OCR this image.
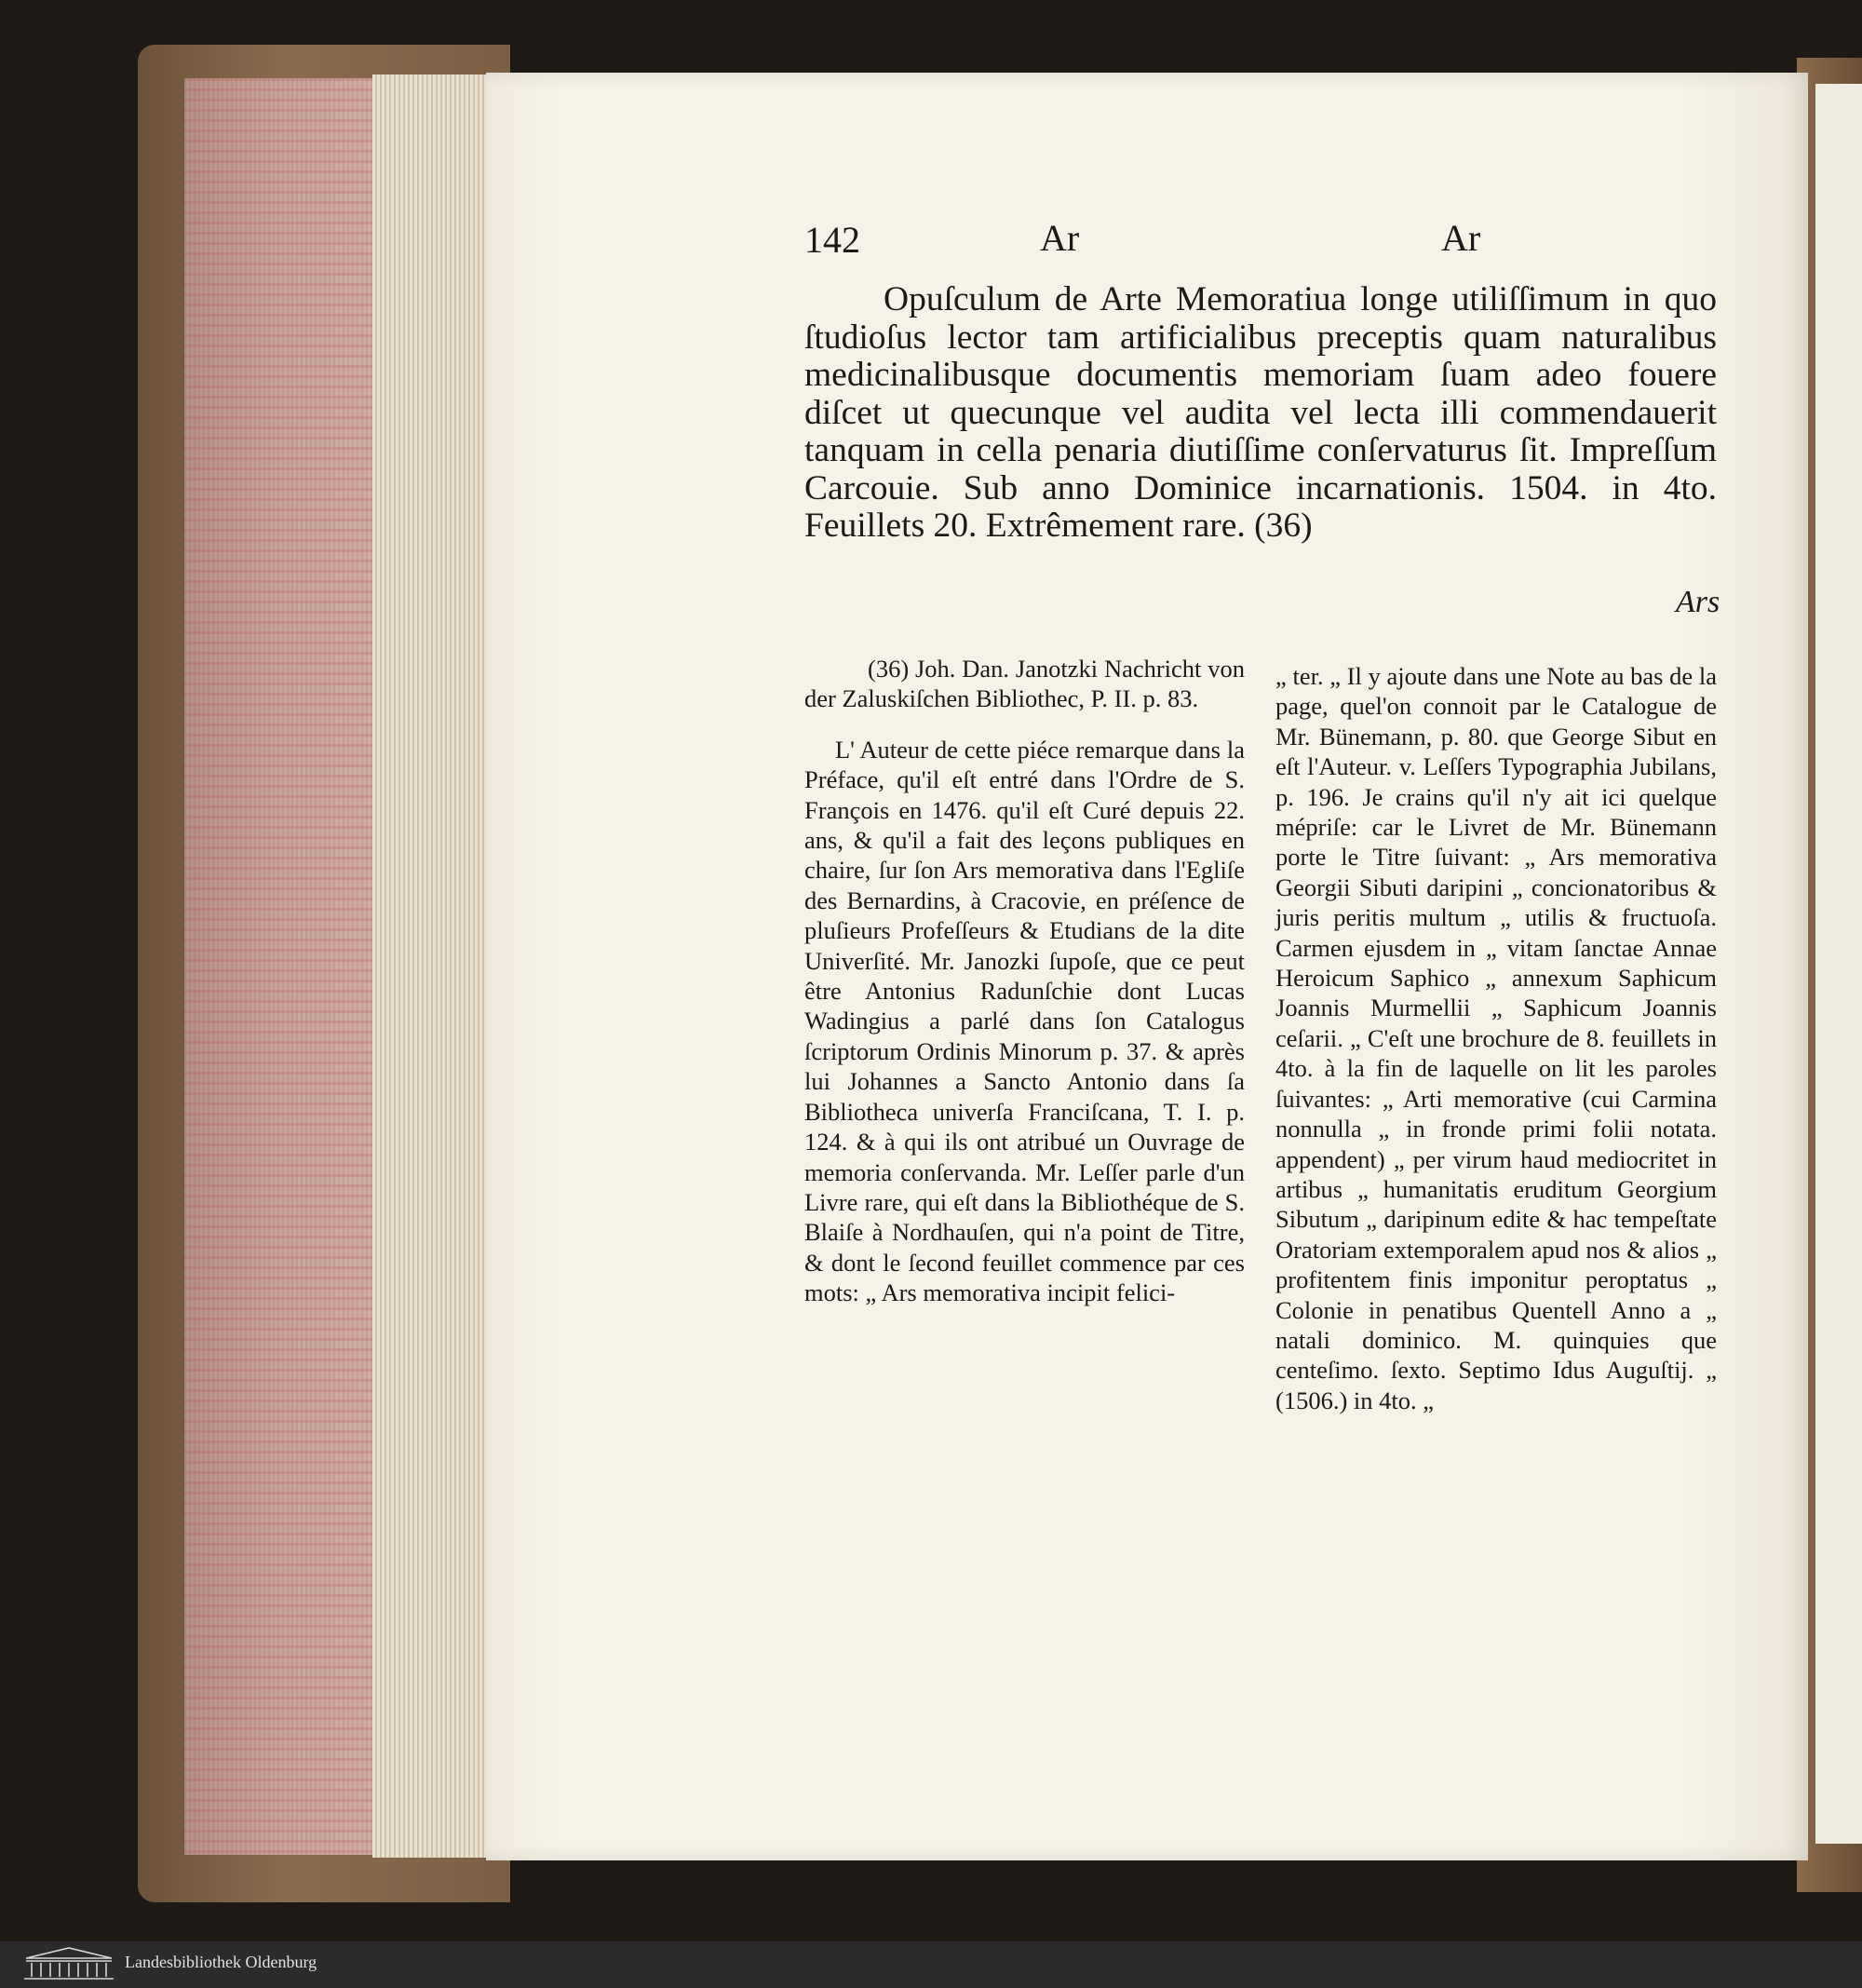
142	Ar	Ar
Opuſculum de Arte Memoratiua longe utiliſſimum in quo ſtudioſus lector tam artificialibus preceptis quam naturalibus medicinalibusque documentis memoriam ſuam adeo fouere diſcet ut quecunque vel audita vel lecta illi commendauerit tanquam in cella penaria diutiſſime conſervaturus ſit. Impreſſum Carcouie. Sub anno Dominice incarnationis. 1504. in 4to. Feuillets 20. Extrêmement rare. (36)
Ars

(36) Joh. Dan. Janotzki Nachricht von der Zaluskiſchen Bibliothec, P. II. p. 83.

L' Auteur de cette piéce remarque dans la Préface, qu'il eſt entré dans l'Ordre de S. François en 1476. qu'il eſt Curé depuis 22. ans, & qu'il a fait des leçons publiques en chaire, ſur ſon Ars memorativa dans l'Egliſe des Bernardins, à Cracovie, en préſence de pluſieurs Profeſſeurs & Etudians de la dite Univerſité. Mr. Janozki ſupoſe, que ce peut être Antonius Radunſchie dont Lucas Wadingius a parlé dans ſon Catalogus ſcriptorum Ordinis Minorum p. 37. & après lui Johannes a Sancto Antonio dans ſa Bibliotheca univerſa Franciſcana, T. I. p. 124. & à qui ils ont atribué un Ouvrage de memoria conſervanda. Mr. Leſſer parle d'un Livre rare, qui eſt dans la Bibliothéque de S. Blaiſe à Nordhauſen, qui n'a point de Titre, & dont le ſecond feuillet commence par ces mots: „ Ars memorativa incipit felici-

„ ter. „ Il y ajoute dans une Note au bas de la page, quel'on connoit par le Catalogue de Mr. Bünemann, p. 80. que George Sibut en eſt l'Auteur. v. Leſſers Typographia Jubilans, p. 196. Je crains qu'il n'y ait ici quelque mépriſe: car le Livret de Mr. Bünemann porte le Titre ſuivant: „ Ars memorativa Georgii Sibuti daripini „ concionatoribus & juris peritis multum „ utilis & fructuoſa. Carmen ejusdem in „ vitam ſanctae Annae Heroicum Saphico „ annexum Saphicum Joannis Murmellii „ Saphicum Joannis ceſarii. „ C'eſt une brochure de 8. feuillets in 4to. à la fin de laquelle on lit les paroles ſuivantes: „ Arti memorative (cui Carmina nonnulla „ in fronde primi folii notata. appendent) „ per virum haud mediocritet in artibus „ humanitatis eruditum Georgium Sibutum „ daripinum edite & hac tempeſtate Oratoriam extemporalem apud nos & alios „ profitentem finis imponitur peroptatus „ Colonie in penatibus Quentell Anno a „ natali dominico. M. quinquies que centeſimo. ſexto. Septimo Idus Auguſtij. „ (1506.) in 4to. „

Landesbibliothek Oldenburg
